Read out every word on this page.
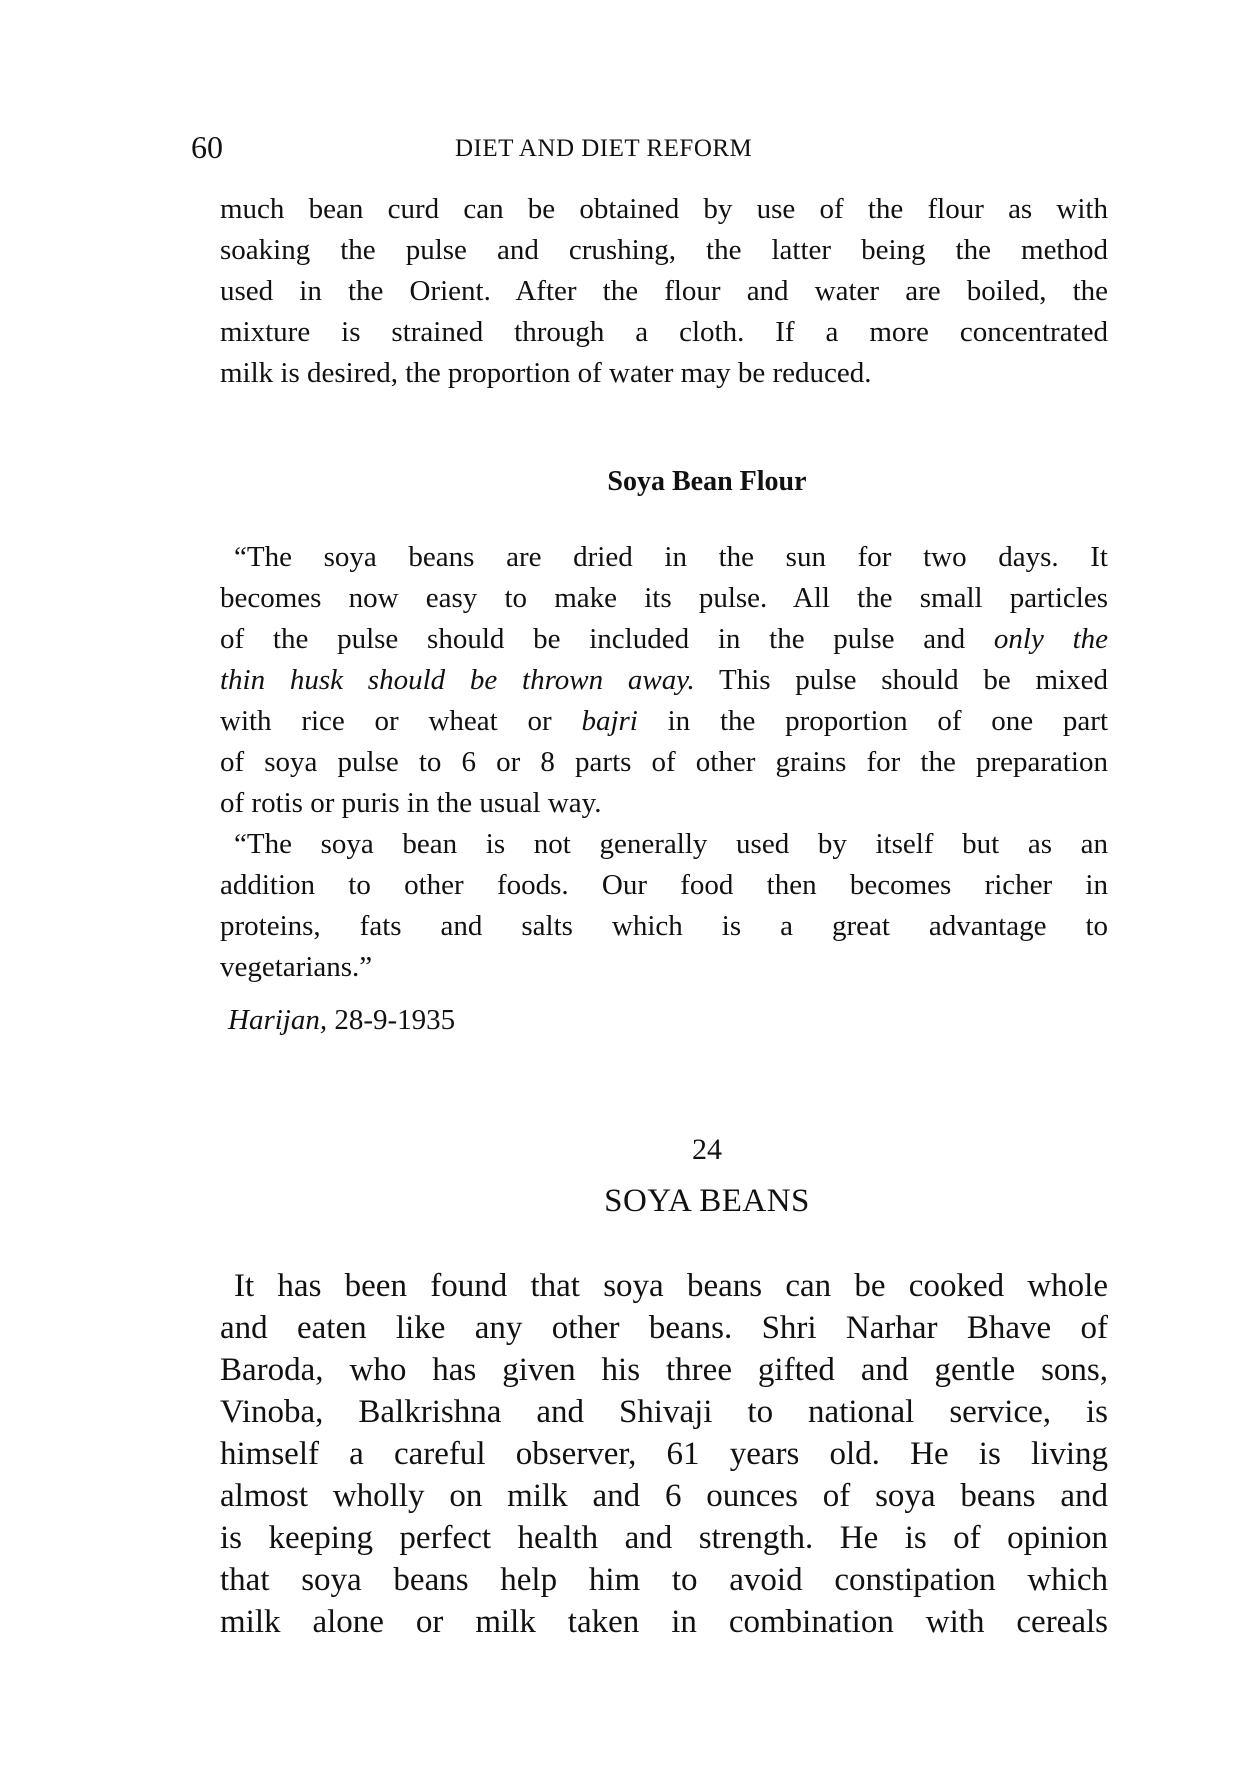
60	DIET AND DIET REFORM
much bean curd can be obtained by use of the flour as with
soaking the pulse and crushing, the latter being the method
used in the Orient. After the flour and water are boiled, the
mixture is strained through a cloth. If a more concentrated
milk is desired, the proportion of water may be reduced.
Soya Bean Flour
“The soya beans are dried in the sun for two days. It
becomes now easy to make its pulse. All the small particles
of the pulse should be included in the pulse and only the
thin husk should be thrown away. This pulse should be mixed
with rice or wheat or bajri in the proportion of one part
of soya pulse to 6 or 8 parts of other grains for the preparation
of rotis or puris in the usual way.
“The soya bean is not generally used by itself but as an
addition to other foods. Our food then becomes richer in
proteins, fats and salts which is a great advantage to
vegetarians.”
Harijan, 28-9-1935
24
SOYA BEANS
It has been found that soya beans can be cooked whole
and eaten like any other beans. Shri Narhar Bhave of
Baroda, who has given his three gifted and gentle sons,
Vinoba, Balkrishna and Shivaji to national service, is
himself a careful observer, 61 years old. He is living
almost wholly on milk and 6 ounces of soya beans and
is keeping perfect health and strength. He is of opinion
that soya beans help him to avoid constipation which
milk alone or milk taken in combination with cereals
